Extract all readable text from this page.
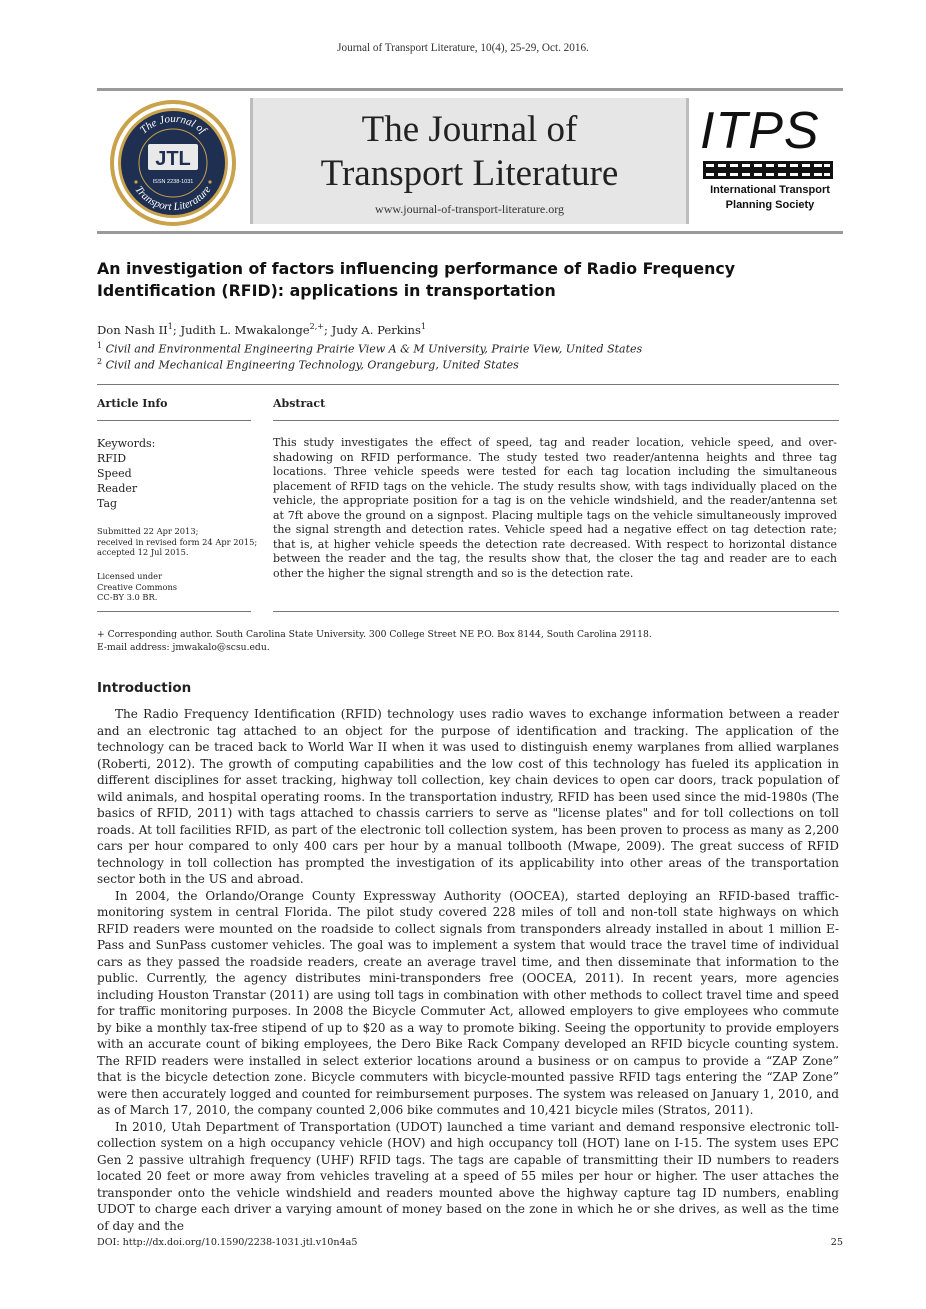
Journal of Transport Literature, 10(4), 25-29, Oct. 2016.
The Journal of
Transport Literature
JTL
ISSN 2238-1031
The Journal of
Transport Literature
www.journal-of-transport-literature.org
ITPS
International Transport
Planning Society
An investigation of factors influencing performance of Radio Frequency Identification (RFID): applications in transportation
Don Nash $II^1$; Judith L. Mwakalonge$^{2,+}$; Judy A. Perkins$^1$
$^1$ Civil and Environmental Engineering Prairie View A & M University, Prairie View, United States
$^2$ Civil and Mechanical Engineering Technology, Orangeburg, United States
Article Info	Abstract
Keywords:
RFID
Speed
Reader
Tag
Submitted 22 Apr 2013;
received in revised form 24 Apr 2015;
accepted 12 Jul 2015.
Licensed under
Creative Commons
CC-BY 3.0 BR.
This study investigates the effect of speed, tag and reader location, vehicle speed, and over-shadowing on RFID performance. The study tested two reader/antenna heights and three tag locations. Three vehicle speeds were tested for each tag location including the simultaneous placement of RFID tags on the vehicle. The study results show, with tags individually placed on the vehicle, the appropriate position for a tag is on the vehicle windshield, and the reader/antenna set at 7ft above the ground on a signpost. Placing multiple tags on the vehicle simultaneously improved the signal strength and detection rates. Vehicle speed had a negative effect on tag detection rate; that is, at higher vehicle speeds the detection rate decreased. With respect to horizontal distance between the reader and the tag, the results show that, the closer the tag and reader are to each other the higher the signal strength and so is the detection rate.
+ Corresponding author. South Carolina State University. 300 College Street NE P.O. Box 8144, South Carolina 29118.
E-mail address: jmwakalo@scsu.edu.
Introduction

The Radio Frequency Identification (RFID) technology uses radio waves to exchange information between a reader and an electronic tag attached to an object for the purpose of identification and tracking. The application of the technology can be traced back to World War II when it was used to distinguish enemy warplanes from allied warplanes (Roberti, 2012). The growth of computing capabilities and the low cost of this technology has fueled its application in different disciplines for asset tracking, highway toll collection, key chain devices to open car doors, track population of wild animals, and hospital operating rooms. In the transportation industry, RFID has been used since the mid-1980s (The basics of RFID, 2011) with tags attached to chassis carriers to serve as "license plates" and for toll collections on toll roads. At toll facilities RFID, as part of the electronic toll collection system, has been proven to process as many as 2,200 cars per hour compared to only 400 cars per hour by a manual tollbooth (Mwape, 2009). The great success of RFID technology in toll collection has prompted the investigation of its applicability into other areas of the transportation sector both in the US and abroad.

In 2004, the Orlando/Orange County Expressway Authority (OOCEA), started deploying an RFID-based traffic-monitoring system in central Florida. The pilot study covered 228 miles of toll and non-toll state highways on which RFID readers were mounted on the roadside to collect signals from transponders already installed in about 1 million E-Pass and SunPass customer vehicles. The goal was to implement a system that would trace the travel time of individual cars as they passed the roadside readers, create an average travel time, and then disseminate that information to the public. Currently, the agency distributes mini-transponders free (OOCEA, 2011). In recent years, more agencies including Houston Transtar (2011) are using toll tags in combination with other methods to collect travel time and speed for traffic monitoring purposes. In 2008 the Bicycle Commuter Act, allowed employers to give employees who commute by bike a monthly tax-free stipend of up to $20 as a way to promote biking. Seeing the opportunity to provide employers with an accurate count of biking employees, the Dero Bike Rack Company developed an RFID bicycle counting system. The RFID readers were installed in select exterior locations around a business or on campus to provide a “ZAP Zone” that is the bicycle detection zone. Bicycle commuters with bicycle-mounted passive RFID tags entering the “ZAP Zone” were then accurately logged and counted for reimbursement purposes. The system was released on January 1, 2010, and as of March 17, 2010, the company counted 2,006 bike commutes and 10,421 bicycle miles (Stratos, 2011).

In 2010, Utah Department of Transportation (UDOT) launched a time variant and demand responsive electronic toll-collection system on a high occupancy vehicle (HOV) and high occupancy toll (HOT) lane on I-15. The system uses EPC Gen 2 passive ultrahigh frequency (UHF) RFID tags. The tags are capable of transmitting their ID numbers to readers located 20 feet or more away from vehicles traveling at a speed of 55 miles per hour or higher. The user attaches the transponder onto the vehicle windshield and readers mounted above the highway capture tag ID numbers, enabling UDOT to charge each driver a varying amount of money based on the zone in which he or she drives, as well as the time of day and the

DOI: http://dx.doi.org/10.1590/2238-1031.jtl.v10n4a5	25
